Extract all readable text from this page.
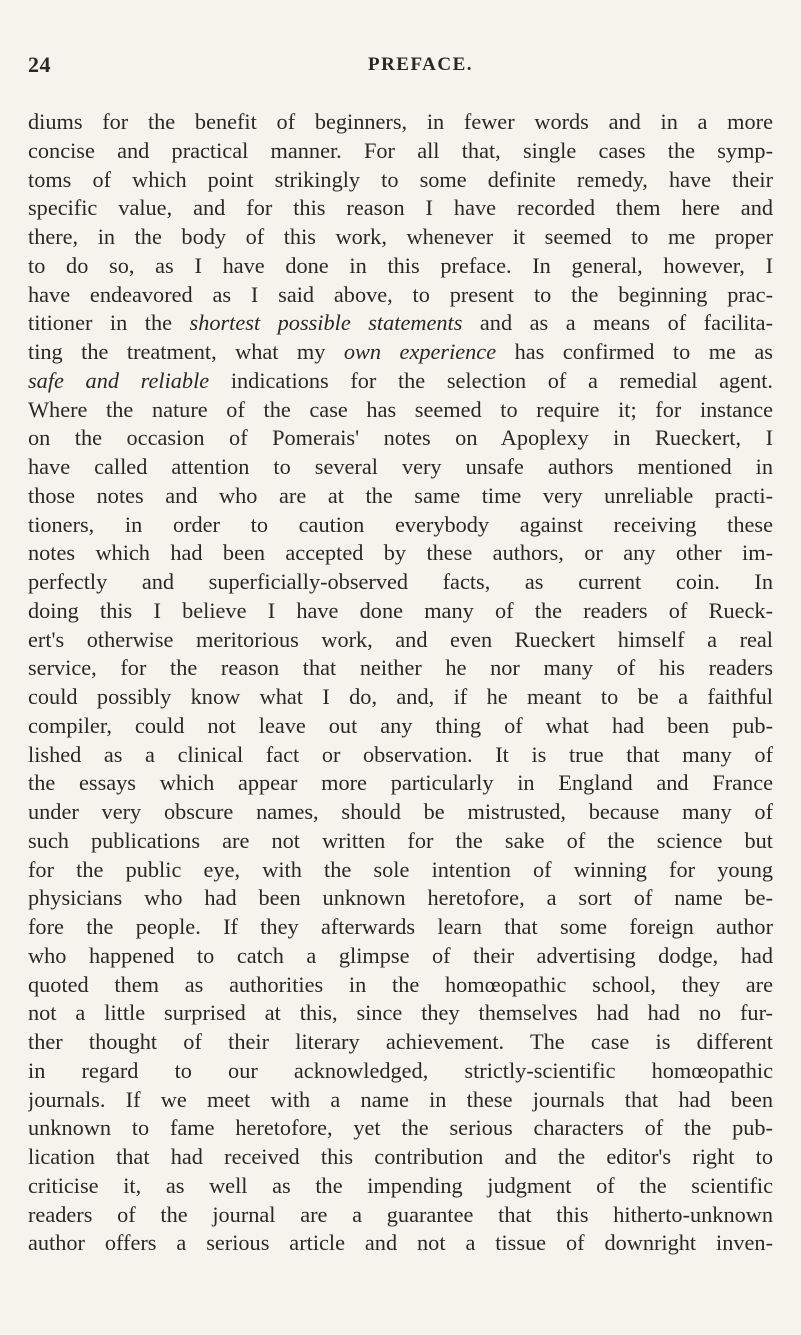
24	PREFACE.
diums for the benefit of beginners, in fewer words and in a more
concise and practical manner. For all that, single cases the symp-
toms of which point strikingly to some definite remedy, have their
specific value, and for this reason I have recorded them here and
there, in the body of this work, whenever it seemed to me proper
to do so, as I have done in this preface. In general, however, I
have endeavored as I said above, to present to the beginning prac-
titioner in the shortest possible statements and as a means of facilita-
ting the treatment, what my own experience has confirmed to me as
safe and reliable indications for the selection of a remedial agent.
Where the nature of the case has seemed to require it; for instance
on the occasion of Pomerais' notes on Apoplexy in Rueckert, I
have called attention to several very unsafe authors mentioned in
those notes and who are at the same time very unreliable practi-
tioners, in order to caution everybody against receiving these
notes which had been accepted by these authors, or any other im-
perfectly and superficially-observed facts, as current coin. In
doing this I believe I have done many of the readers of Rueck-
ert's otherwise meritorious work, and even Rueckert himself a real
service, for the reason that neither he nor many of his readers
could possibly know what I do, and, if he meant to be a faithful
compiler, could not leave out any thing of what had been pub-
lished as a clinical fact or observation. It is true that many of
the essays which appear more particularly in England and France
under very obscure names, should be mistrusted, because many of
such publications are not written for the sake of the science but
for the public eye, with the sole intention of winning for young
physicians who had been unknown heretofore, a sort of name be-
fore the people. If they afterwards learn that some foreign author
who happened to catch a glimpse of their advertising dodge, had
quoted them as authorities in the homœopathic school, they are
not a little surprised at this, since they themselves had had no fur-
ther thought of their literary achievement. The case is different
in regard to our acknowledged, strictly-scientific homœopathic
journals. If we meet with a name in these journals that had been
unknown to fame heretofore, yet the serious characters of the pub-
lication that had received this contribution and the editor's right to
criticise it, as well as the impending judgment of the scientific
readers of the journal are a guarantee that this hitherto-unknown
author offers a serious article and not a tissue of downright inven-
